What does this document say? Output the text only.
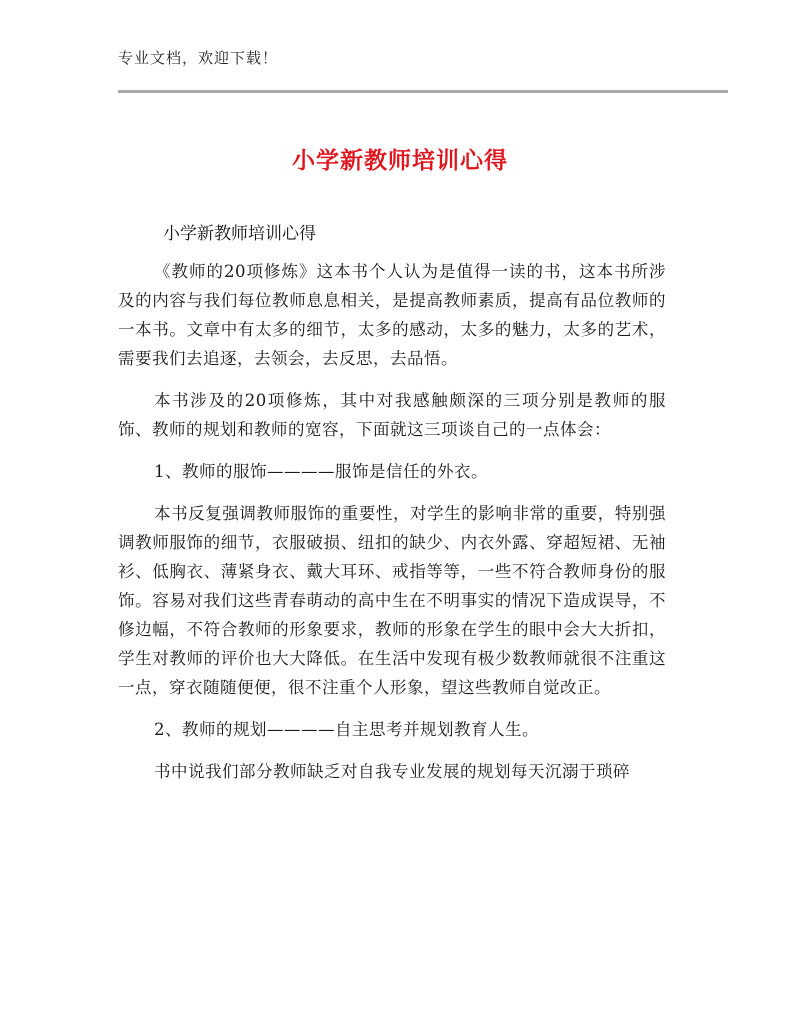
专业文档，欢迎下载！
小学新教师培训心得
小学新教师培训心得

《教师的20项修炼》这本书个人认为是值得一读的书，这本书所涉及的内容与我们每位教师息息相关，是提高教师素质，提高有品位教师的一本书。文章中有太多的细节，太多的感动，太多的魅力，太多的艺术，需要我们去追逐，去领会，去反思，去品悟。

本书涉及的20项修炼，其中对我感触颇深的三项分别是教师的服饰、教师的规划和教师的宽容，下面就这三项谈自己的一点体会：

1、教师的服饰————服饰是信任的外衣。

本书反复强调教师服饰的重要性，对学生的影响非常的重要，特别强调教师服饰的细节，衣服破损、纽扣的缺少、内衣外露、穿超短裙、无袖衫、低胸衣、薄紧身衣、戴大耳环、戒指等等，一些不符合教师身份的服饰。容易对我们这些青春萌动的高中生在不明事实的情况下造成误导，不修边幅，不符合教师的形象要求，教师的形象在学生的眼中会大大折扣，学生对教师的评价也大大降低。在生活中发现有极少数教师就很不注重这一点，穿衣随随便便，很不注重个人形象，望这些教师自觉改正。

2、教师的规划————自主思考并规划教育人生。

书中说我们部分教师缺乏对自我专业发展的规划每天沉溺于琐碎
